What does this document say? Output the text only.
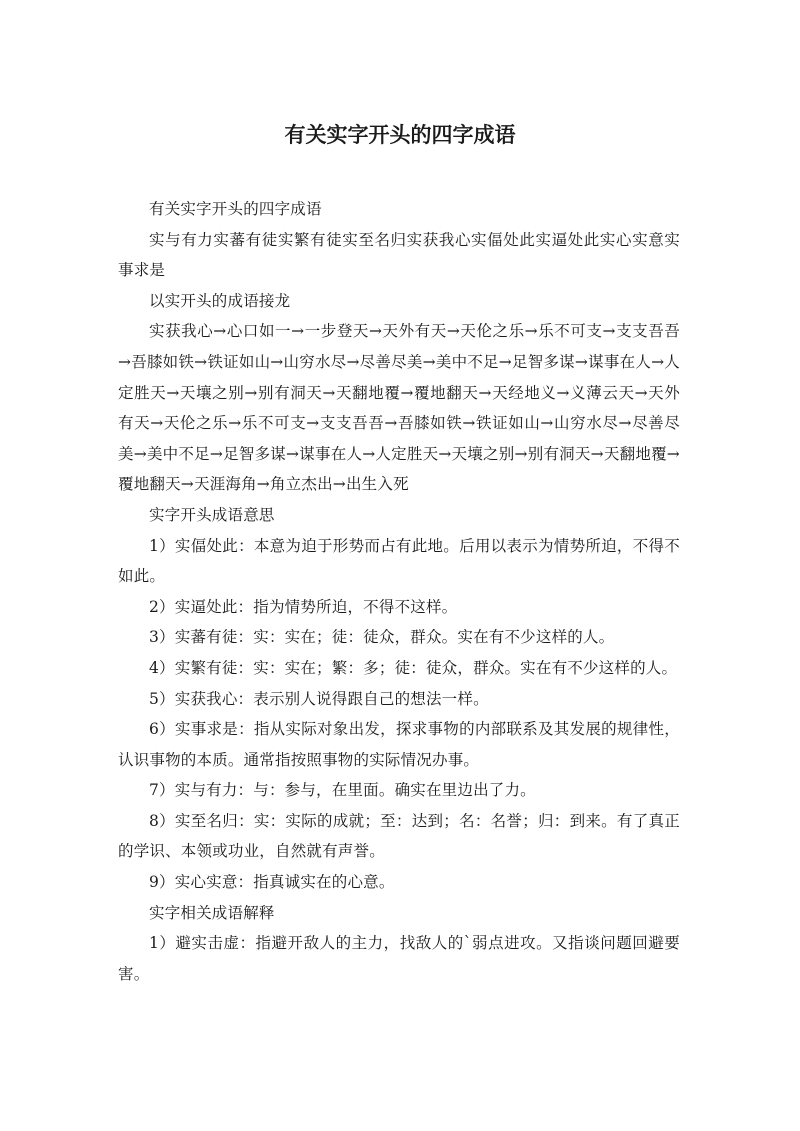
有关实字开头的四字成语

有关实字开头的四字成语

实与有力实蕃有徒实繁有徒实至名归实获我心实偪处此实逼处此实心实意实事求是

以实开头的成语接龙

实获我心→心口如一→一步登天→天外有天→天伦之乐→乐不可支→支支吾吾→吾膝如铁→铁证如山→山穷水尽→尽善尽美→美中不足→足智多谋→谋事在人→人定胜天→天壤之别→别有洞天→天翻地覆→覆地翻天→天经地义→义薄云天→天外有天→天伦之乐→乐不可支→支支吾吾→吾膝如铁→铁证如山→山穷水尽→尽善尽美→美中不足→足智多谋→谋事在人→人定胜天→天壤之别→别有洞天→天翻地覆→覆地翻天→天涯海角→角立杰出→出生入死

实字开头成语意思

1）实偪处此：本意为迫于形势而占有此地。后用以表示为情势所迫，不得不如此。

2）实逼处此：指为情势所迫，不得不这样。

3）实蕃有徒：实：实在；徒：徒众，群众。实在有不少这样的人。

4）实繁有徒：实：实在；繁：多；徒：徒众，群众。实在有不少这样的人。

5）实获我心：表示别人说得跟自己的想法一样。

6）实事求是：指从实际对象出发，探求事物的内部联系及其发展的规律性，认识事物的本质。通常指按照事物的实际情况办事。

7）实与有力：与：参与，在里面。确实在里边出了力。

8）实至名归：实：实际的成就；至：达到；名：名誉；归：到来。有了真正的学识、本领或功业，自然就有声誉。

9）实心实意：指真诚实在的心意。

实字相关成语解释

1）避实击虚：指避开敌人的主力，找敌人的`弱点进攻。又指谈问题回避要害。
